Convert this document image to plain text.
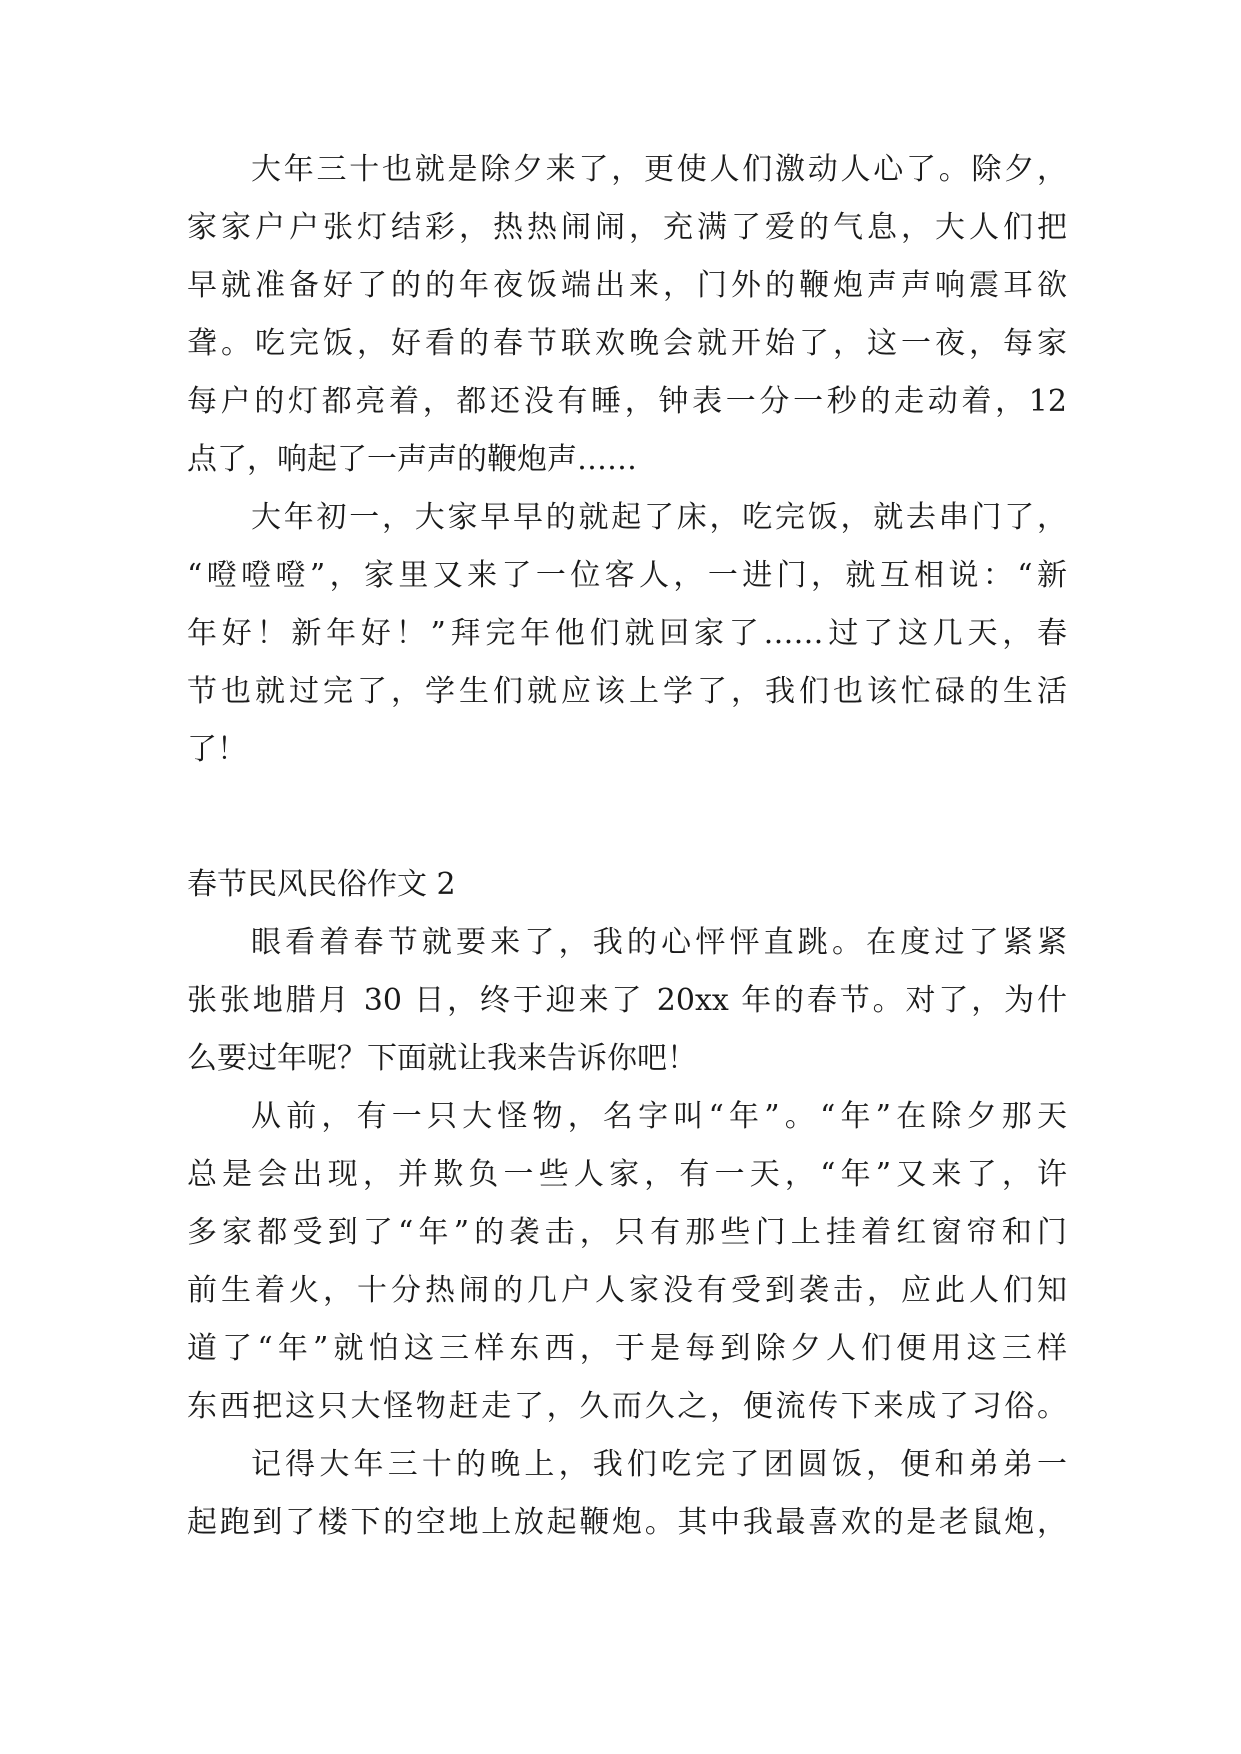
大年三十也就是除夕来了，更使人们激动人心了。除夕，
家家户户张灯结彩，热热闹闹，充满了爱的气息，大人们把
早就准备好了的的年夜饭端出来，门外的鞭炮声声响震耳欲
聋。吃完饭，好看的春节联欢晚会就开始了，这一夜，每家
每户的灯都亮着，都还没有睡，钟表一分一秒的走动着，12
点了，响起了一声声的鞭炮声……
大年初一，大家早早的就起了床，吃完饭，就去串门了，
“噔噔噔”，家里又来了一位客人，一进门，就互相说：“新
年好！新年好！”拜完年他们就回家了……过了这几天，春
节也就过完了，学生们就应该上学了，我们也该忙碌的生活
了！
春节民风民俗作文 2
眼看着春节就要来了，我的心怦怦直跳。在度过了紧紧
张张地腊月 30 日，终于迎来了 20xx 年的春节。对了，为什
么要过年呢？下面就让我来告诉你吧！
从前，有一只大怪物，名字叫“年”。“年”在除夕那天
总是会出现，并欺负一些人家，有一天，“年”又来了，许
多家都受到了“年”的袭击，只有那些门上挂着红窗帘和门
前生着火，十分热闹的几户人家没有受到袭击，应此人们知
道了“年”就怕这三样东西，于是每到除夕人们便用这三样
东西把这只大怪物赶走了，久而久之，便流传下来成了习俗。
记得大年三十的晚上，我们吃完了团圆饭，便和弟弟一
起跑到了楼下的空地上放起鞭炮。其中我最喜欢的是老鼠炮，
